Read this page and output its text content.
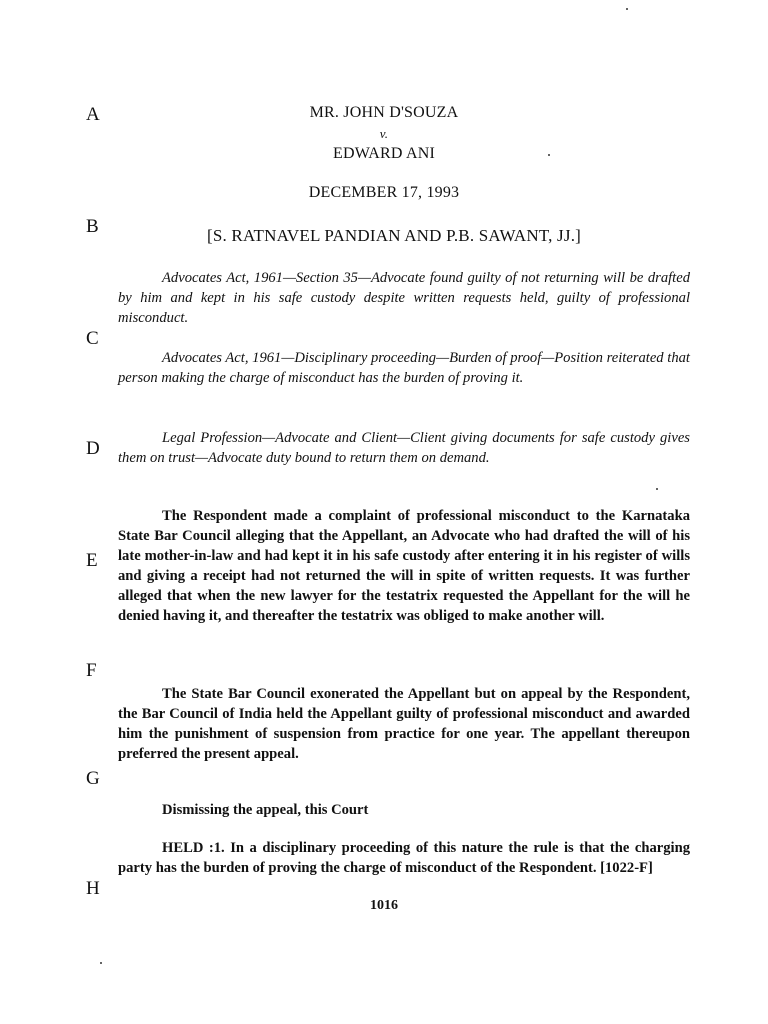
A
B
C
D
E
F
G
H
MR. JOHN D'SOUZA
v.
EDWARD ANI
DECEMBER 17, 1993
[S. RATNAVEL PANDIAN AND P.B. SAWANT, JJ.]
Advocates Act, 1961—Section 35—Advocate found guilty of not returning will be drafted by him and kept in his safe custody despite written requests held, guilty of professional misconduct.
Advocates Act, 1961—Disciplinary proceeding—Burden of proof—Position reiterated that person making the charge of misconduct has the burden of proving it.
Legal Profession—Advocate and Client—Client giving documents for safe custody gives them on trust—Advocate duty bound to return them on demand.
The Respondent made a complaint of professional misconduct to the Karnataka State Bar Council alleging that the Appellant, an Advocate who had drafted the will of his late mother-in-law and had kept it in his safe custody after entering it in his register of wills and giving a receipt had not returned the will in spite of written requests. It was further alleged that when the new lawyer for the testatrix requested the Appellant for the will he denied having it, and thereafter the testatrix was obliged to make another will.
The State Bar Council exonerated the Appellant but on appeal by the Respondent, the Bar Council of India held the Appellant guilty of professional misconduct and awarded him the punishment of suspension from practice for one year. The appellant thereupon preferred the present appeal.
Dismissing the appeal, this Court
HELD :1. In a disciplinary proceeding of this nature the rule is that the charging party has the burden of proving the charge of misconduct of the Respondent. [1022-F]
1016
